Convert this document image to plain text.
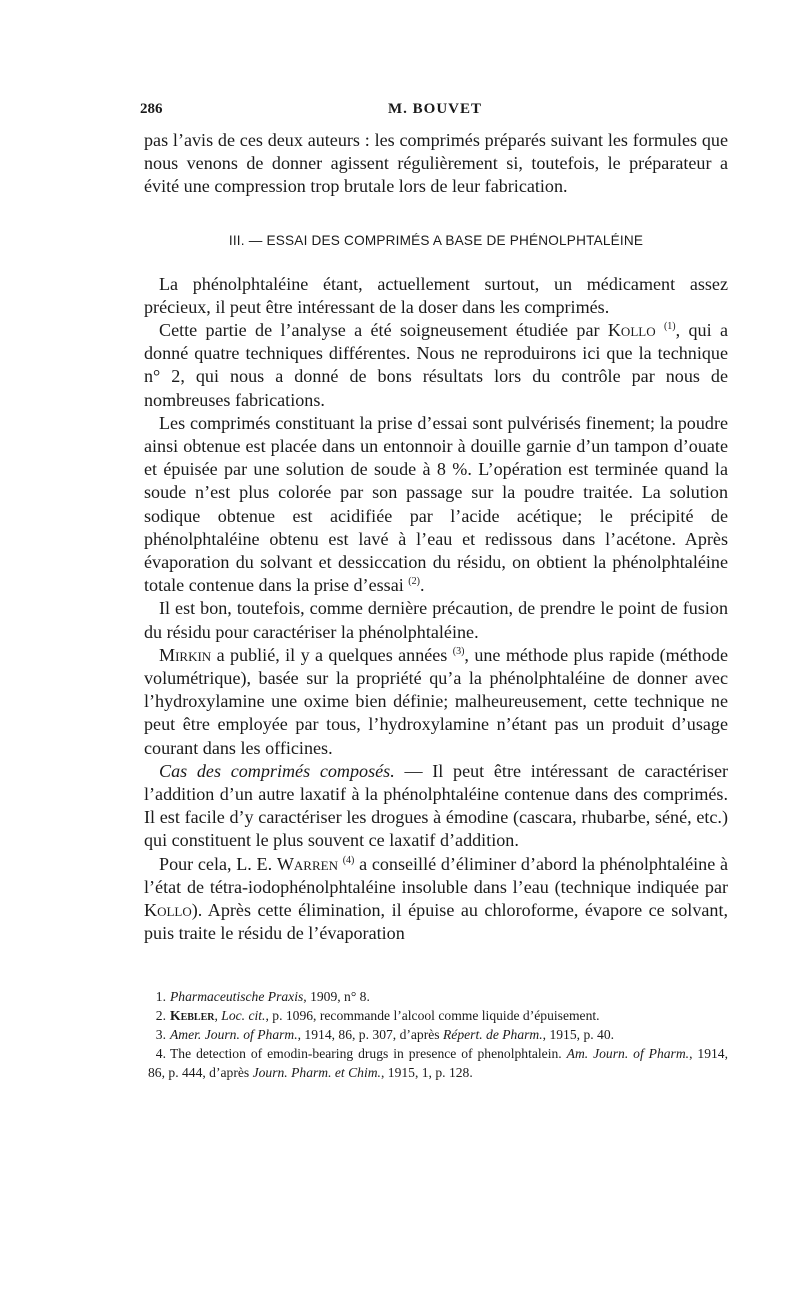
286	M. BOUVET

pas l’avis de ces deux auteurs : les comprimés préparés suivant les formules que nous venons de donner agissent régulièrement si, toutefois, le préparateur a évité une compression trop brutale lors de leur fabrication.

III. — ESSAI DES COMPRIMÉS A BASE DE PHÉNOLPHTALÉINE

La phénolphtaléine étant, actuellement surtout, un médicament assez précieux, il peut être intéressant de la doser dans les comprimés.

Cette partie de l’analyse a été soigneusement étudiée par Kollo $^{(1)}$, qui a donné quatre techniques différentes. Nous ne reproduirons ici que la technique n° 2, qui nous a donné de bons résultats lors du contrôle par nous de nombreuses fabrications.

Les comprimés constituant la prise d’essai sont pulvérisés finement; la poudre ainsi obtenue est placée dans un entonnoir à douille garnie d’un tampon d’ouate et épuisée par une solution de soude à 8 %. L’opération est terminée quand la soude n’est plus colorée par son passage sur la poudre traitée. La solution sodique obtenue est acidifiée par l’acide acétique; le précipité de phénolphtaléine obtenu est lavé à l’eau et redissous dans l’acétone. Après évaporation du solvant et dessiccation du résidu, on obtient la phénolphtaléine totale contenue dans la prise d’essai $^{(2)}$.

Il est bon, toutefois, comme dernière précaution, de prendre le point de fusion du résidu pour caractériser la phénolphtaléine.

Mirkin a publié, il y a quelques années $^{(3)}$, une méthode plus rapide (méthode volumétrique), basée sur la propriété qu’a la phénolphtaléine de donner avec l’hydroxylamine une oxime bien définie; malheureusement, cette technique ne peut être employée par tous, l’hydroxylamine n’étant pas un produit d’usage courant dans les officines.

Cas des comprimés composés. — Il peut être intéressant de caractériser l’addition d’un autre laxatif à la phénolphtaléine contenue dans des comprimés. Il est facile d’y caractériser les drogues à émodine (cascara, rhubarbe, séné, etc.) qui constituent le plus souvent ce laxatif d’addition.

Pour cela, L. E. Warren $^{(4)}$ a conseillé d’éliminer d’abord la phénolphtaléine à l’état de tétra-iodophénolphtaléine insoluble dans l’eau (technique indiquée par Kollo). Après cette élimination, il épuise au chloroforme, évapore ce solvant, puis traite le résidu de l’évaporation

1. Pharmaceutische Praxis, 1909, n° 8.

2. Kebler, Loc. cit., p. 1096, recommande l’alcool comme liquide d’épuisement.

3. Amer. Journ. of Pharm., 1914, 86, p. 307, d’après Répert. de Pharm., 1915, p. 40.

4. The detection of emodin-bearing drugs in presence of phenolphtalein. Am. Journ. of Pharm., 1914, 86, p. 444, d’après Journ. Pharm. et Chim., 1915, 1, p. 128.
